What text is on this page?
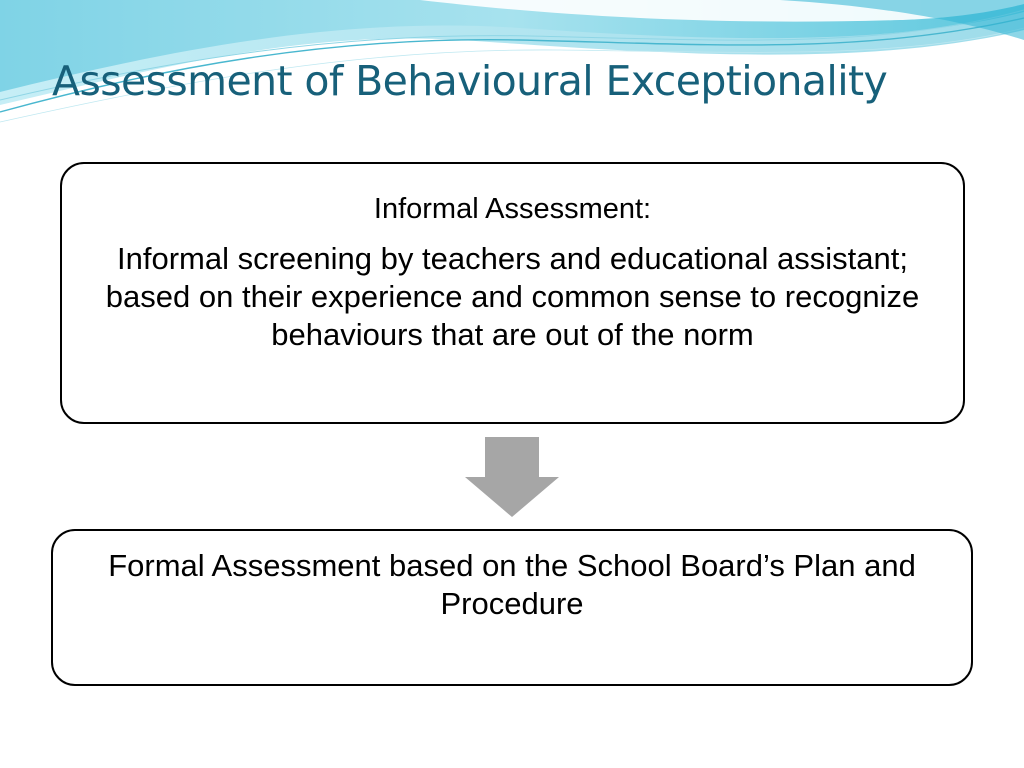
Assessment of Behavioural Exceptionality

Informal Assessment:

Informal screening by teachers and educational assistant; based on their experience and common sense to recognize behaviours that are out of the norm

Formal Assessment based on the School Board’s Plan and Procedure
